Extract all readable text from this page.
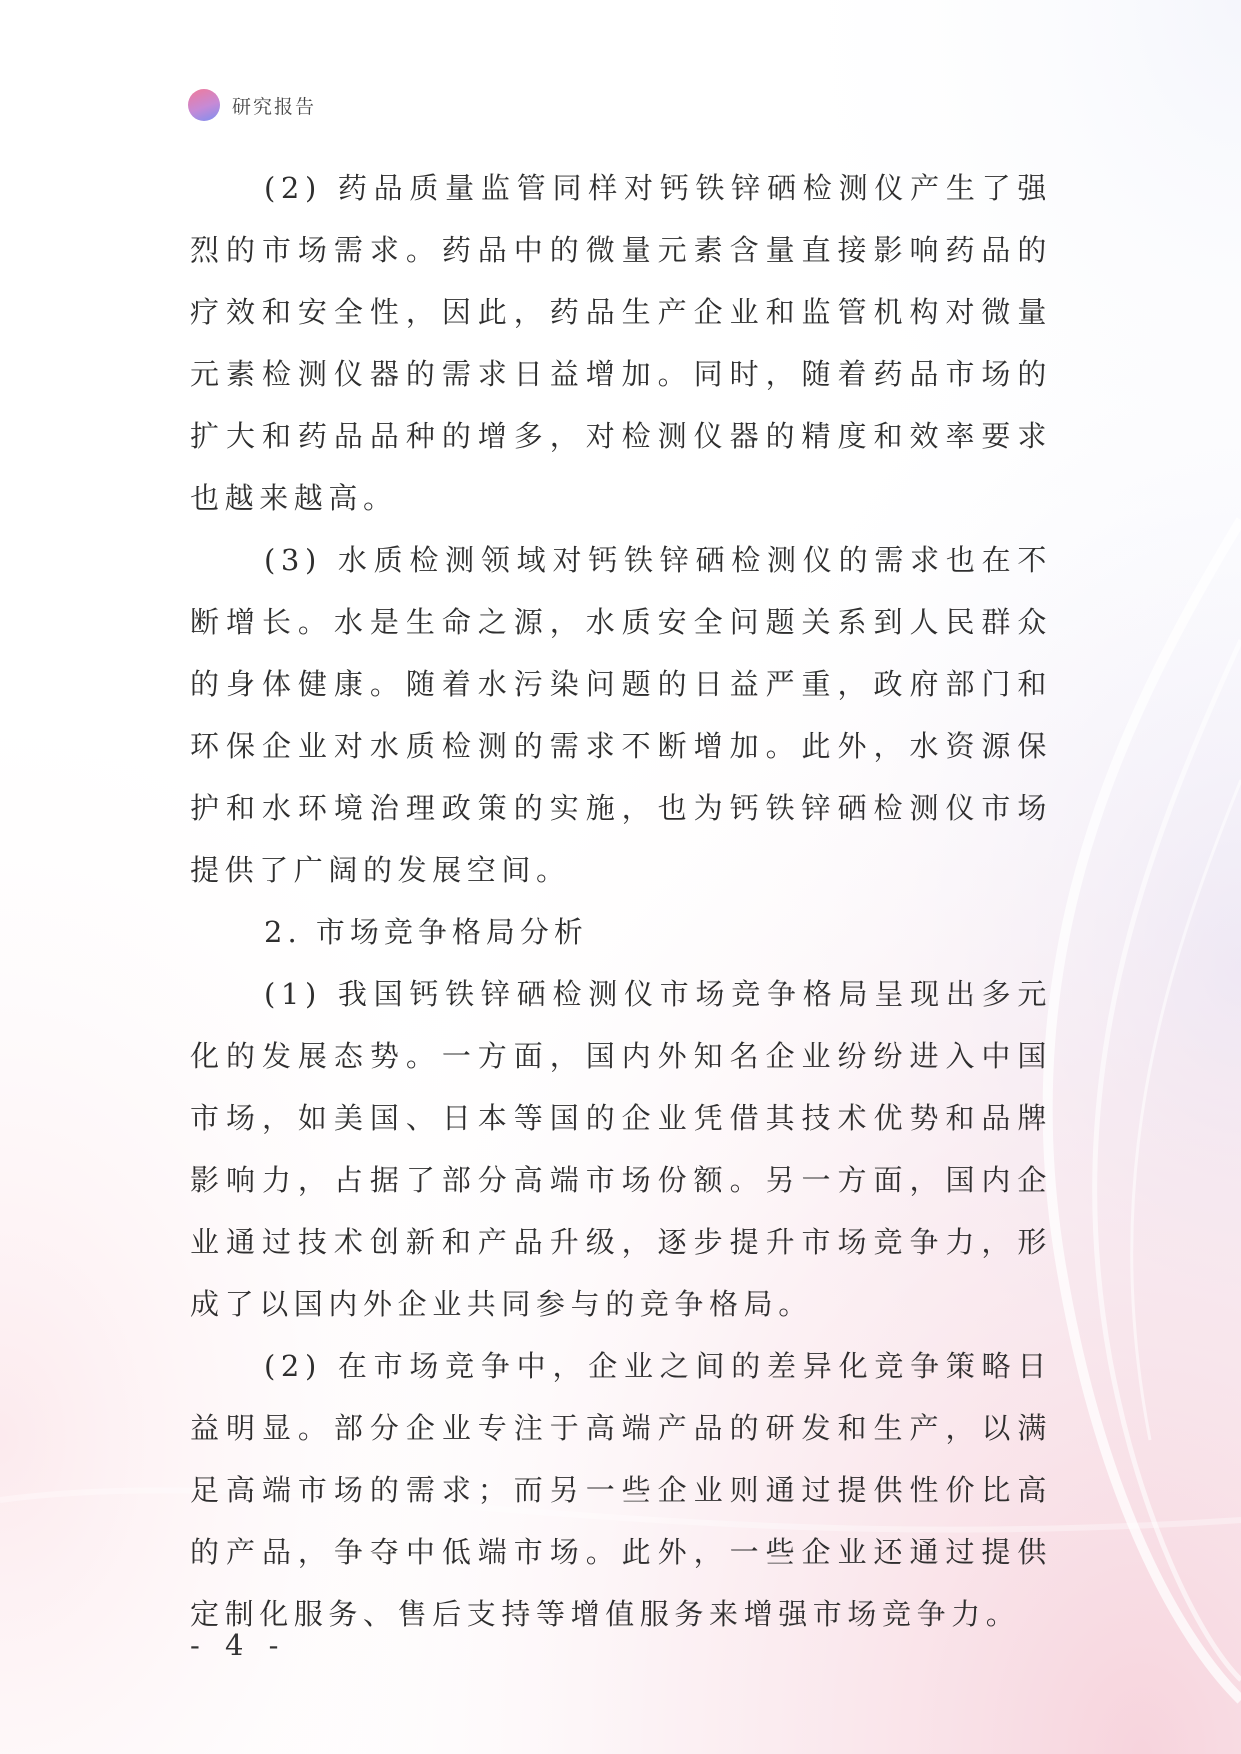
研究报告

(2) 药品质量监管同样对钙铁锌硒检测仪产生了强烈的市场需求。药品中的微量元素含量直接影响药品的疗效和安全性，因此，药品生产企业和监管机构对微量元素检测仪器的需求日益增加。同时，随着药品市场的扩大和药品品种的增多，对检测仪器的精度和效率要求也越来越高。

(3) 水质检测领域对钙铁锌硒检测仪的需求也在不断增长。水是生命之源，水质安全问题关系到人民群众的身体健康。随着水污染问题的日益严重，政府部门和环保企业对水质检测的需求不断增加。此外，水资源保护和水环境治理政策的实施，也为钙铁锌硒检测仪市场提供了广阔的发展空间。

2. 市场竞争格局分析

(1) 我国钙铁锌硒检测仪市场竞争格局呈现出多元化的发展态势。一方面，国内外知名企业纷纷进入中国市场，如美国、日本等国的企业凭借其技术优势和品牌影响力，占据了部分高端市场份额。另一方面，国内企业通过技术创新和产品升级，逐步提升市场竞争力，形成了以国内外企业共同参与的竞争格局。

(2) 在市场竞争中，企业之间的差异化竞争策略日益明显。部分企业专注于高端产品的研发和生产，以满足高端市场的需求；而另一些企业则通过提供性价比高的产品，争夺中低端市场。此外，一些企业还通过提供定制化服务、售后支持等增值服务来增强市场竞争力。

- 4 -
